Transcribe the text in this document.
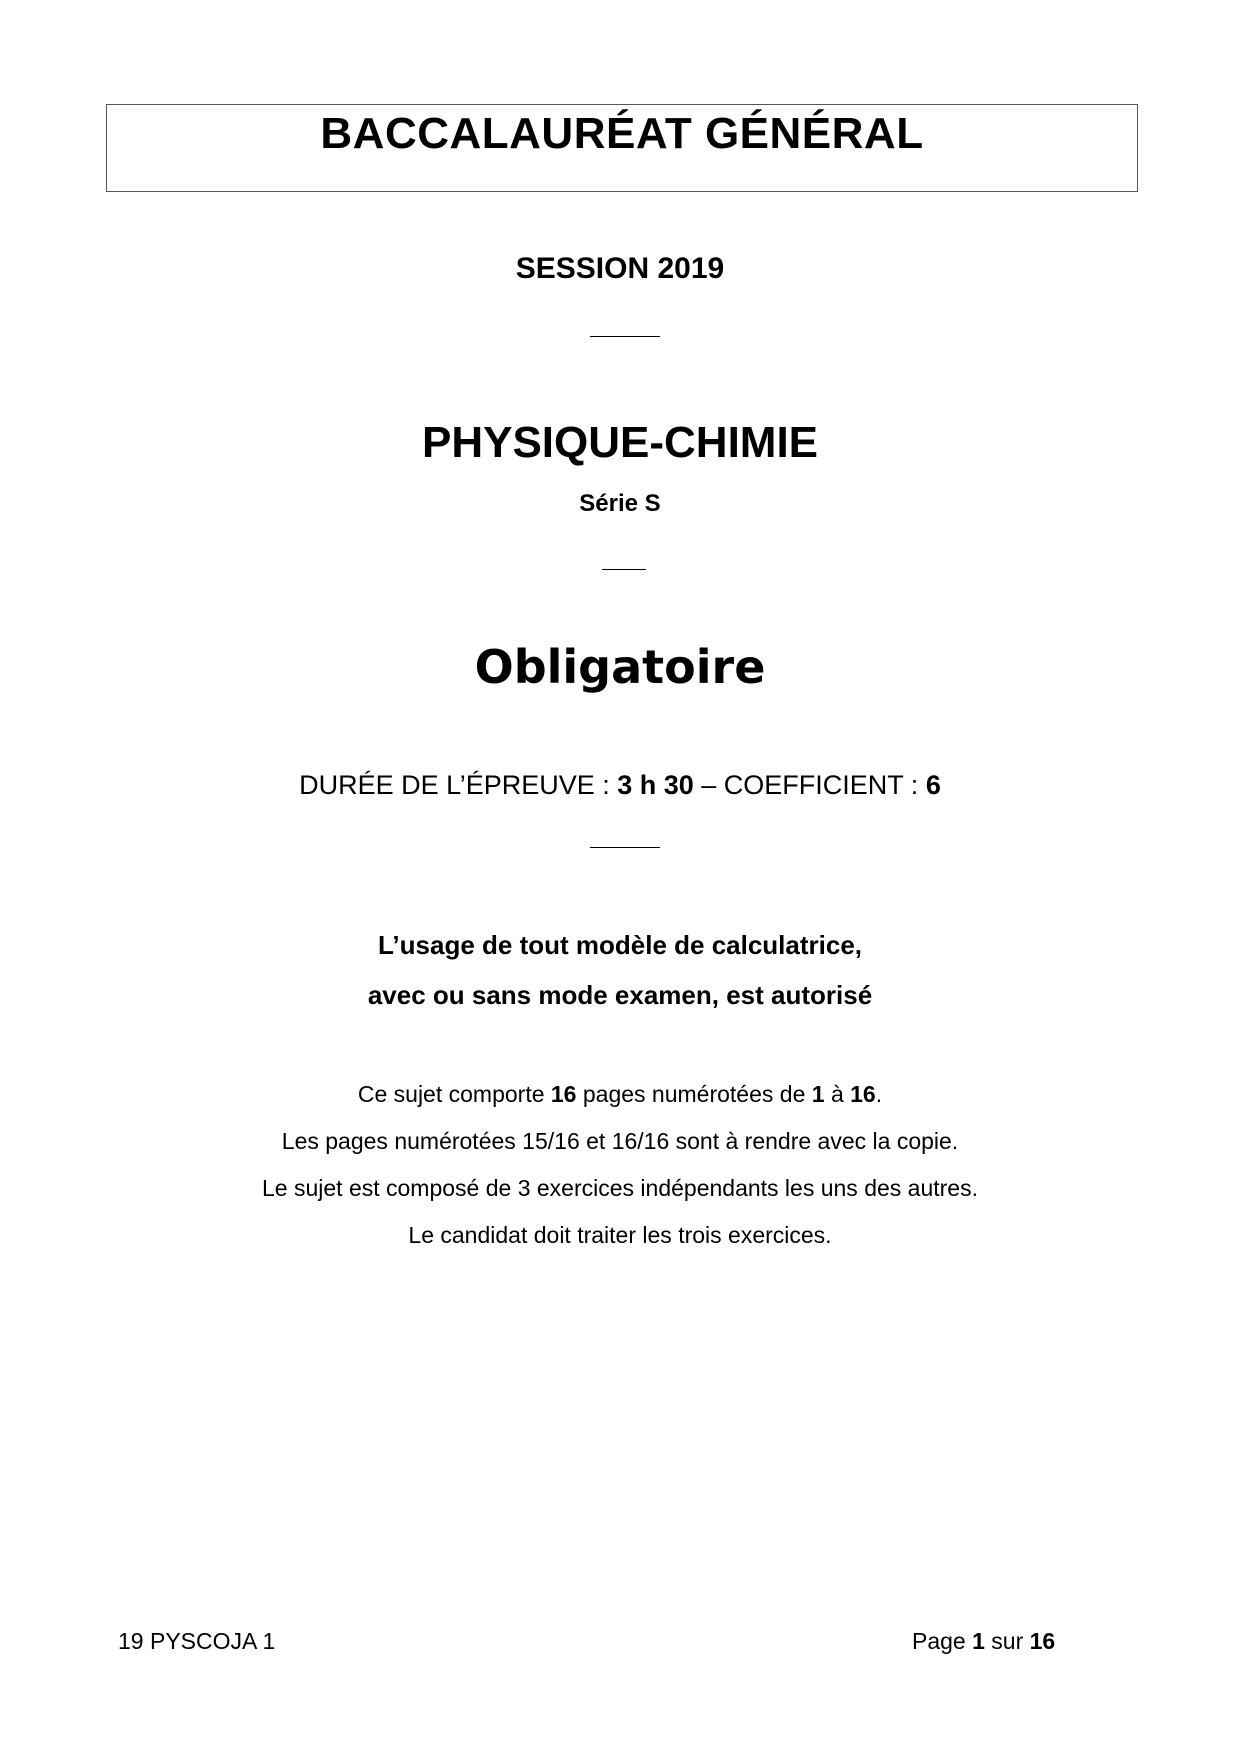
BACCALAURÉAT GÉNÉRAL
SESSION 2019
PHYSIQUE-CHIMIE
Série S
Obligatoire
DURÉE DE L’ÉPREUVE : 3 h 30 – COEFFICIENT : 6
L’usage de tout modèle de calculatrice,
avec ou sans mode examen, est autorisé
Ce sujet comporte 16 pages numérotées de 1 à 16.
Les pages numérotées 15/16 et 16/16 sont à rendre avec la copie.
Le sujet est composé de 3 exercices indépendants les uns des autres.
Le candidat doit traiter les trois exercices.
19 PYSCOJA 1	Page 1 sur 16
